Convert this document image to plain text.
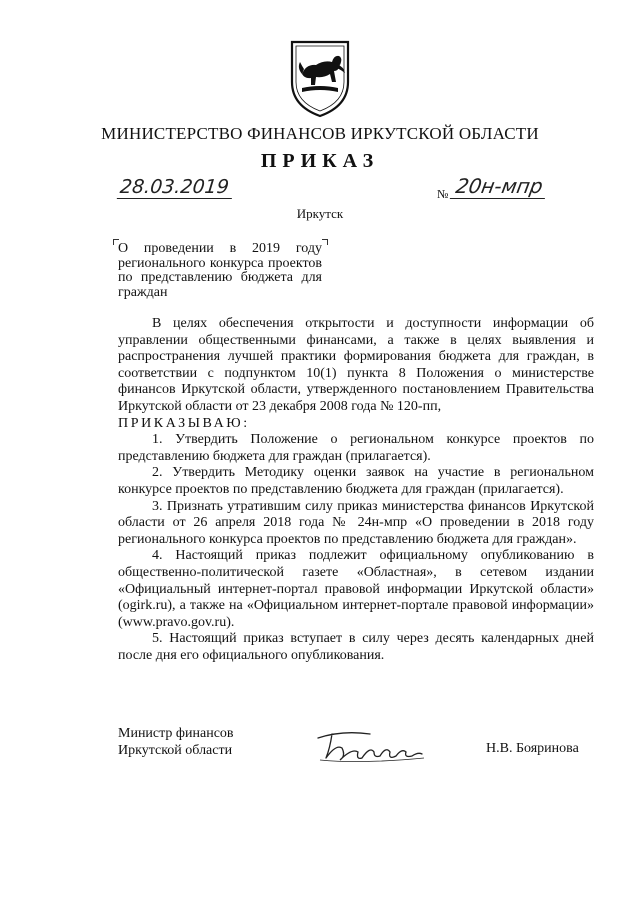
МИНИСТЕРСТВО ФИНАНСОВ ИРКУТСКОЙ ОБЛАСТИ
ПРИКАЗ
28.03.2019	№ 20н-мпр
Иркутск
О проведении в 2019 году регионального конкурса проектов по представлению бюджета для граждан

В целях обеспечения открытости и доступности информации об управлении общественными финансами, а также в целях выявления и распространения лучшей практики формирования бюджета для граждан, в соответствии с подпунктом 10(1) пункта 8 Положения о министерстве финансов Иркутской области, утвержденного постановлением Правительства Иркутской области от 23 декабря 2008 года № 120-пп,

ПРИКАЗЫВАЮ:

1. Утвердить Положение о региональном конкурсе проектов по представлению бюджета для граждан (прилагается).

2. Утвердить Методику оценки заявок на участие в региональном конкурсе проектов по представлению бюджета для граждан (прилагается).

3. Признать утратившим силу приказ министерства финансов Иркутской области от 26 апреля 2018 года № 24н-мпр «О проведении в 2018 году регионального конкурса проектов по представлению бюджета для граждан».

4. Настоящий приказ подлежит официальному опубликованию в общественно-политической газете «Областная», в сетевом издании «Официальный интернет-портал правовой информации Иркутской области» (ogirk.ru), а также на «Официальном интернет-портале правовой информации» (www.pravo.gov.ru).

5. Настоящий приказ вступает в силу через десять календарных дней после дня его официального опубликования.

Министр финансов
Иркутской области	Н.В. Бояринова
